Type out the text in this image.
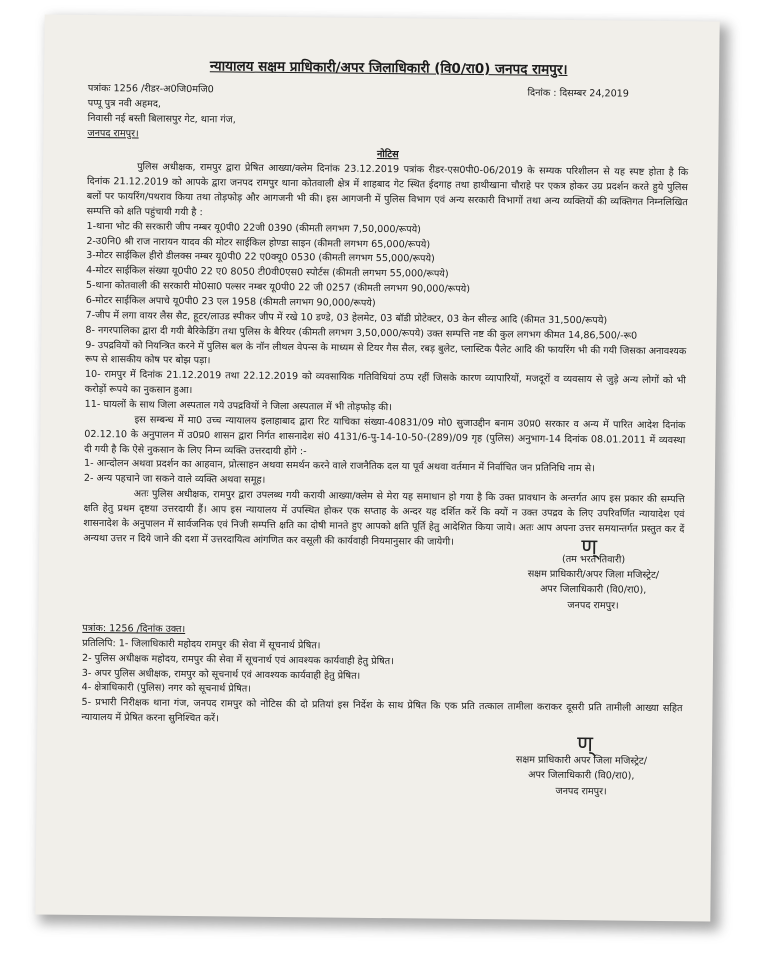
न्यायालय सक्षम प्राधिकारी/अपर जिलाधिकारी (वि0/रा0) जनपद रामपुर।
पत्रांकः 1256 /रीडर-अ0जि0मजि0	दिनांक : दिसम्बर 24,2019
पप्पू पुत्र नवी अहमद,
निवासी नई बस्ती बिलासपुर गेट, थाना गंज,
जनपद रामपुर।
नोटिस

पुलिस अधीक्षक, रामपुर द्वारा प्रेषित आख्या/क्लेम दिनांक 23.12.2019 पत्रांक रीडर-एस0पी0-06/2019 के सम्यक परिशीलन से यह स्पष्ट होता है कि दिनांक 21.12.2019 को आपके द्वारा जनपद रामपुर थाना कोतवाली क्षेत्र में शाहबाद गेट स्थित ईदगाह तथा हाथीखाना चौराहे पर एकत्र होकर उग्र प्रदर्शन करते हुये पुलिस बलों पर फायरिंग/पथराव किया तथा तोड़फोड़ और आगजनी भी की। इस आगजनी में पुलिस विभाग एवं अन्य सरकारी विभागों तथा अन्य व्यक्तियों की व्यक्तिगत निम्नलिखित सम्पत्ति को क्षति पहुंचायी गयी है :

1-थाना भोट की सरकारी जीप नम्बर यू0पी0 22जी 0390 (कीमती लगभग 7,50,000/रूपये)

2-उ0नि0 श्री राज नारायन यादव की मोटर साईकिल होण्डा साइन (कीमती लगभग 65,000/रूपये)

3-मोटर साईकिल हीरो डीलक्स नम्बर यू0पी0 22 ए0क्यू0 0530 (कीमती लगभग 55,000/रूपये)

4-मोटर साईकिल संख्या यू0पी0 22 ए0 8050 टी0वी0एस0 स्पोर्टस (कीमती लगभग 55,000/रूपये)

5-थाना कोतवाली की सरकारी मो0सा0 पल्सर नम्बर यू0पी0 22 जी 0257 (कीमती लगभग 90,000/रूपये)

6-मोटर साईकिल अपाचे यू0पी0 23 एल 1958 (कीमती लगभग 90,000/रूपये)

7-जीप में लगा वायर लैस सैट, हूटर/लाउड स्पीकर जीप में रखे 10 डण्डे, 03 हेलमेट, 03 बॉडी प्रोटेक्टर, 03 केन सील्ड आदि (कीमत 31,500/रूपये)

8- नगरपालिका द्वारा दी गयी बैरिकेडिंग तथा पुलिस के बैरियर (कीमती लगभग 3,50,000/रूपये) उक्त सम्पत्ति नष्ट की कुल लगभग कीमत 14,86,500/-रू0

9- उपद्रवियों को नियन्त्रित करने में पुलिस बल के नॉन लीथल वेपन्स के माध्यम से टियर गैस सैल, रबड़ बुलेट, प्लास्टिक पैलेट आदि की फायरिंग भी की गयी जिसका अनावश्यक रूप से शासकीय कोष पर बोझ पड़ा।

10- रामपुर में दिनांक 21.12.2019 तथा 22.12.2019 को व्यवसायिक गतिविधियां ठप्प रहीं जिसके कारण व्यापारियों, मजदूरों व व्यवसाय से जुड़े अन्य लोगों को भी करोड़ों रूपये का नुकसान हुआ।

11- घायलों के साथ जिला अस्पताल गये उपद्रवियों ने जिला अस्पताल में भी तोड़फोड़ की।

इस सम्बन्ध में मा0 उच्च न्यायालय इलाहाबाद द्वारा रिट याचिका संख्या-40831/09 मो0 सुजाउद्दीन बनाम उ0प्र0 सरकार व अन्य में पारित आदेश दिनांक 02.12.10 के अनुपालन में उ0प्र0 शासन द्वारा निर्गत शासनादेश सं0 4131/6-पु-14-10-50-(289)/09 गृह (पुलिस) अनुभाग-14 दिनांक 08.01.2011 में व्यवस्था दी गयी है कि ऐसे नुकसान के लिए निम्न व्यक्ति उत्तरदायी होंगे :-

1- आन्दोलन अथवा प्रदर्शन का आहवान, प्रोत्साहन अथवा समर्थन करने वाले राजनैतिक दल या पूर्व अथवा वर्तमान में निर्वाचित जन प्रतिनिधि नाम से।

2- अन्य पहचाने जा सकने वाले व्यक्ति अथवा समूह।

अतः पुलिस अधीक्षक, रामपुर द्वारा उपलब्ध गयी करायी आख्या/क्लेम से मेरा यह समाधान हो गया है कि उक्त प्रावधान के अन्तर्गत आप इस प्रकार की सम्पत्ति क्षति हेतु प्रथम दृष्टया उत्तरदायी हैं। आप इस न्यायालय में उपस्थित होकर एक सप्ताह के अन्दर यह दर्शित करें कि क्यों न उक्त उपद्रव के लिए उपरिवर्णित न्यायादेश एवं शासनादेश के अनुपालन में सार्वजनिक एवं निजी सम्पत्ति क्षति का दोषी मानते हुए आपको क्षति पूर्ति हेतु आदेशित किया जाये। अतः आप अपना उत्तर समयान्तर्गत प्रस्तुत कर दें अन्यथा उत्तर न दिये जाने की दशा में उत्तरदायित्व आंगणित कर वसूली की कार्यवाही नियमानुसार की जायेगी।	ण्
(तम भरत तिवारी)
सक्षम प्राधिकारी/अपर जिला मजिस्ट्रेट/
अपर जिलाधिकारी (वि0/रा0),
जनपद रामपुर।
पत्रांक: 1256 /दिनांक उक्त।

प्रतिलिपि: 1- जिलाधिकारी महोदय रामपुर की सेवा में सूचनार्थ प्रेषित।

2- पुलिस अधीक्षक महोदय, रामपुर की सेवा में सूचनार्थ एवं आवश्यक कार्यवाही हेतु प्रेषित।

3- अपर पुलिस अधीक्षक, रामपुर को सूचनार्थ एवं आवश्यक कार्यवाही हेतु प्रेषित।

4- क्षेत्राधिकारी (पुलिस) नगर को सूचनार्थ प्रेषित।

5- प्रभारी निरीक्षक थाना गंज, जनपद रामपुर को नोटिस की दो प्रतियां इस निर्देश के साथ प्रेषित कि एक प्रति तत्काल तामीला कराकर दूसरी प्रति तामीली आख्या सहित न्यायालय में प्रेषित करना सुनिश्चित करें।

ण्
सक्षम प्राधिकारी अपर जिला मजिस्ट्रेट/
अपर जिलाधिकारी (वि0/रा0),
जनपद रामपुर।
